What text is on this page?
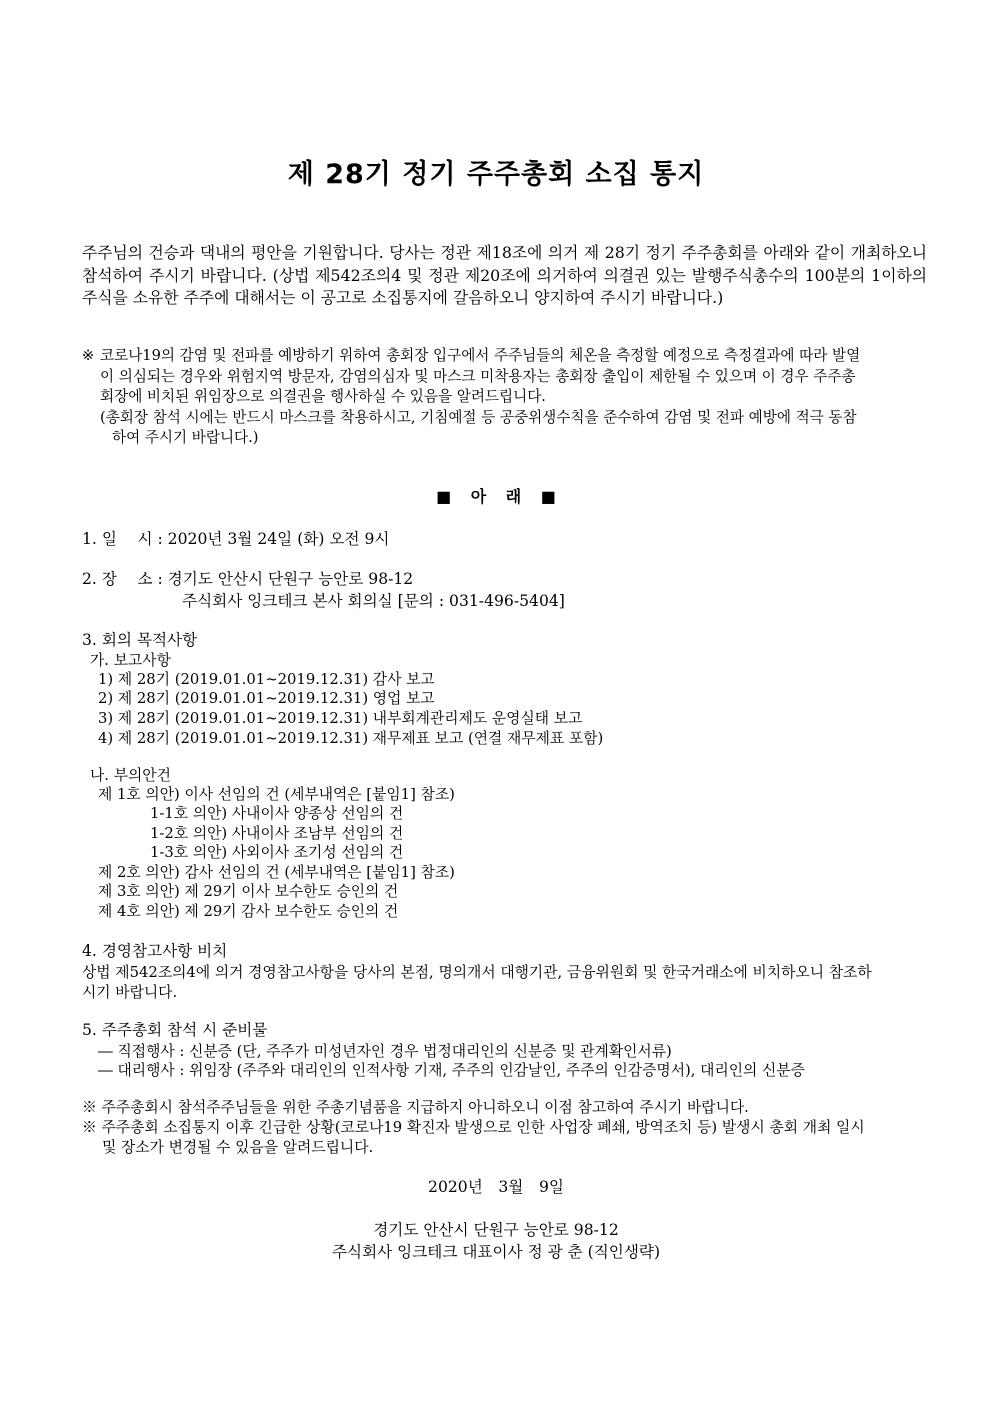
제 28기 정기 주주총회 소집 통지
주주님의 건승과 댁내의 평안을 기원합니다. 당사는 정관 제18조에 의거 제 28기 정기 주주총회를 아래와 같이 개최하오니 참석하여 주시기 바랍니다. (상법 제542조의4 및 정관 제20조에 의거하여 의결권 있는 발행주식총수의 100분의 1이하의 주식을 소유한 주주에 대해서는 이 공고로 소집통지에 갈음하오니 양지하여 주시기 바랍니다.)
※ 코로나19의 감염 및 전파를 예방하기 위하여 총회장 입구에서 주주님들의 체온을 측정할 예정으로 측정결과에 따라 발열
이 의심되는 경우와 위험지역 방문자, 감염의심자 및 마스크 미착용자는 총회장 출입이 제한될 수 있으며 이 경우 주주총
회장에 비치된 위임장으로 의결권을 행사하실 수 있음을 알려드립니다.
(총회장 참석 시에는 반드시 마스크를 착용하시고, 기침예절 등 공중위생수칙을 준수하여 감염 및 전파 예방에 적극 동참
하여 주시기 바랍니다.)
■ 아 래 ■
1. 일　 시 : 2020년 3월 24일 (화) 오전 9시
2. 장　 소 : 경기도 안산시 단원구 능안로 98-12
주식회사 잉크테크 본사 회의실 [문의 : 031-496-5404]
3. 회의 목적사항
가. 보고사항
1) 제 28기 (2019.01.01~2019.12.31) 감사 보고
2) 제 28기 (2019.01.01~2019.12.31) 영업 보고
3) 제 28기 (2019.01.01~2019.12.31) 내부회계관리제도 운영실태 보고
4) 제 28기 (2019.01.01~2019.12.31) 재무제표 보고 (연결 재무제표 포함)
나. 부의안건
제 1호 의안) 이사 선임의 건 (세부내역은 [붙임1] 참조)
1-1호 의안) 사내이사 양종상 선임의 건
1-2호 의안) 사내이사 조남부 선임의 건
1-3호 의안) 사외이사 조기성 선임의 건
제 2호 의안) 감사 선임의 건 (세부내역은 [붙임1] 참조)
제 3호 의안) 제 29기 이사 보수한도 승인의 건
제 4호 의안) 제 29기 감사 보수한도 승인의 건
4. 경영참고사항 비치
상법 제542조의4에 의거 경영참고사항을 당사의 본점, 명의개서 대행기관, 금융위원회 및 한국거래소에 비치하오니 참조하
시기 바랍니다.
5. 주주총회 참석 시 준비물
― 직접행사 : 신분증 (단, 주주가 미성년자인 경우 법정대리인의 신분증 및 관계확인서류)
― 대리행사 : 위임장 (주주와 대리인의 인적사항 기재, 주주의 인감날인, 주주의 인감증명서), 대리인의 신분증
※ 주주총회시 참석주주님들을 위한 주총기념품을 지급하지 아니하오니 이점 참고하여 주시기 바랍니다.
※ 주주총회 소집통지 이후 긴급한 상황(코로나19 확진자 발생으로 인한 사업장 폐쇄, 방역조치 등) 발생시 총회 개최 일시
및 장소가 변경될 수 있음을 알려드립니다.
2020년　3월　9일
경기도 안산시 단원구 능안로 98-12
주식회사 잉크테크 대표이사 정 광 춘 (직인생략)
